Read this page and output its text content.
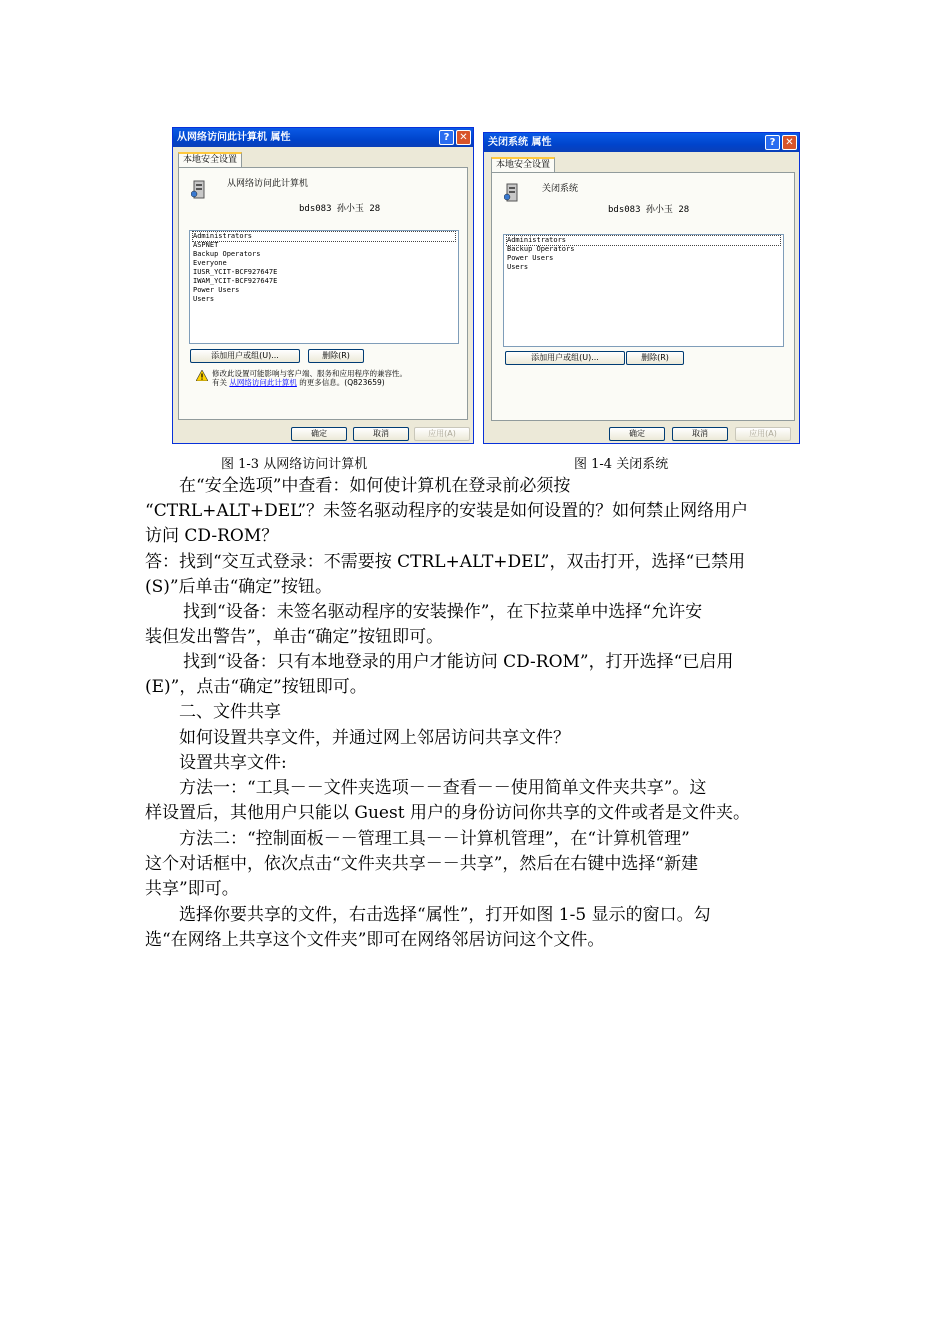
从网络访问此计算机 属性	? ✕
本地安全设置
从网络访问此计算机
bds083 孙小玉 28
Administrators
ASPNET
Backup Operators
Everyone
IUSR_YCIT-BCF927647E
IWAM_YCIT-BCF927647E
Power Users
Users
添加用户或组(U)...	删除(R)
修改此设置可能影响与客户端、服务和应用程序的兼容性。
有关 从网络访问此计算机 的更多信息。(Q823659)
确定	取消	应用(A)
关闭系统 属性	? ✕
本地安全设置
关闭系统
bds083 孙小玉 28
Administrators
Backup Operators
Power Users
Users
添加用户或组(U)...	删除(R)
确定	取消	应用(A)
图 1-3 从网络访问计算机	图 1-4 关闭系统
在“安全选项”中查看：如何使计算机在登录前必须按
“CTRL+ALT+DEL”？未签名驱动程序的安装是如何设置的？如何禁止网络用户
访问 CD-ROM？
答：找到“交互式登录：不需要按 CTRL+ALT+DEL”，双击打开，选择“已禁用
(S)”后单击“确定”按钮。
找到“设备：未签名驱动程序的安装操作”，在下拉菜单中选择“允许安
装但发出警告”，单击“确定”按钮即可。
找到“设备：只有本地登录的用户才能访问 CD-ROM”，打开选择“已启用
(E)”，点击“确定”按钮即可。
二、文件共享
如何设置共享文件，并通过网上邻居访问共享文件？
设置共享文件:
方法一：“工具－－文件夹选项－－查看－－使用简单文件夹共享”。这
样设置后，其他用户只能以 Guest 用户的身份访问你共享的文件或者是文件夹。
方法二：“控制面板－－管理工具－－计算机管理”，在“计算机管理”
这个对话框中，依次点击“文件夹共享－－共享”，然后在右键中选择“新建
共享”即可。
选择你要共享的文件，右击选择“属性”，打开如图 1-5 显示的窗口。勾
选“在网络上共享这个文件夹”即可在网络邻居访问这个文件。
